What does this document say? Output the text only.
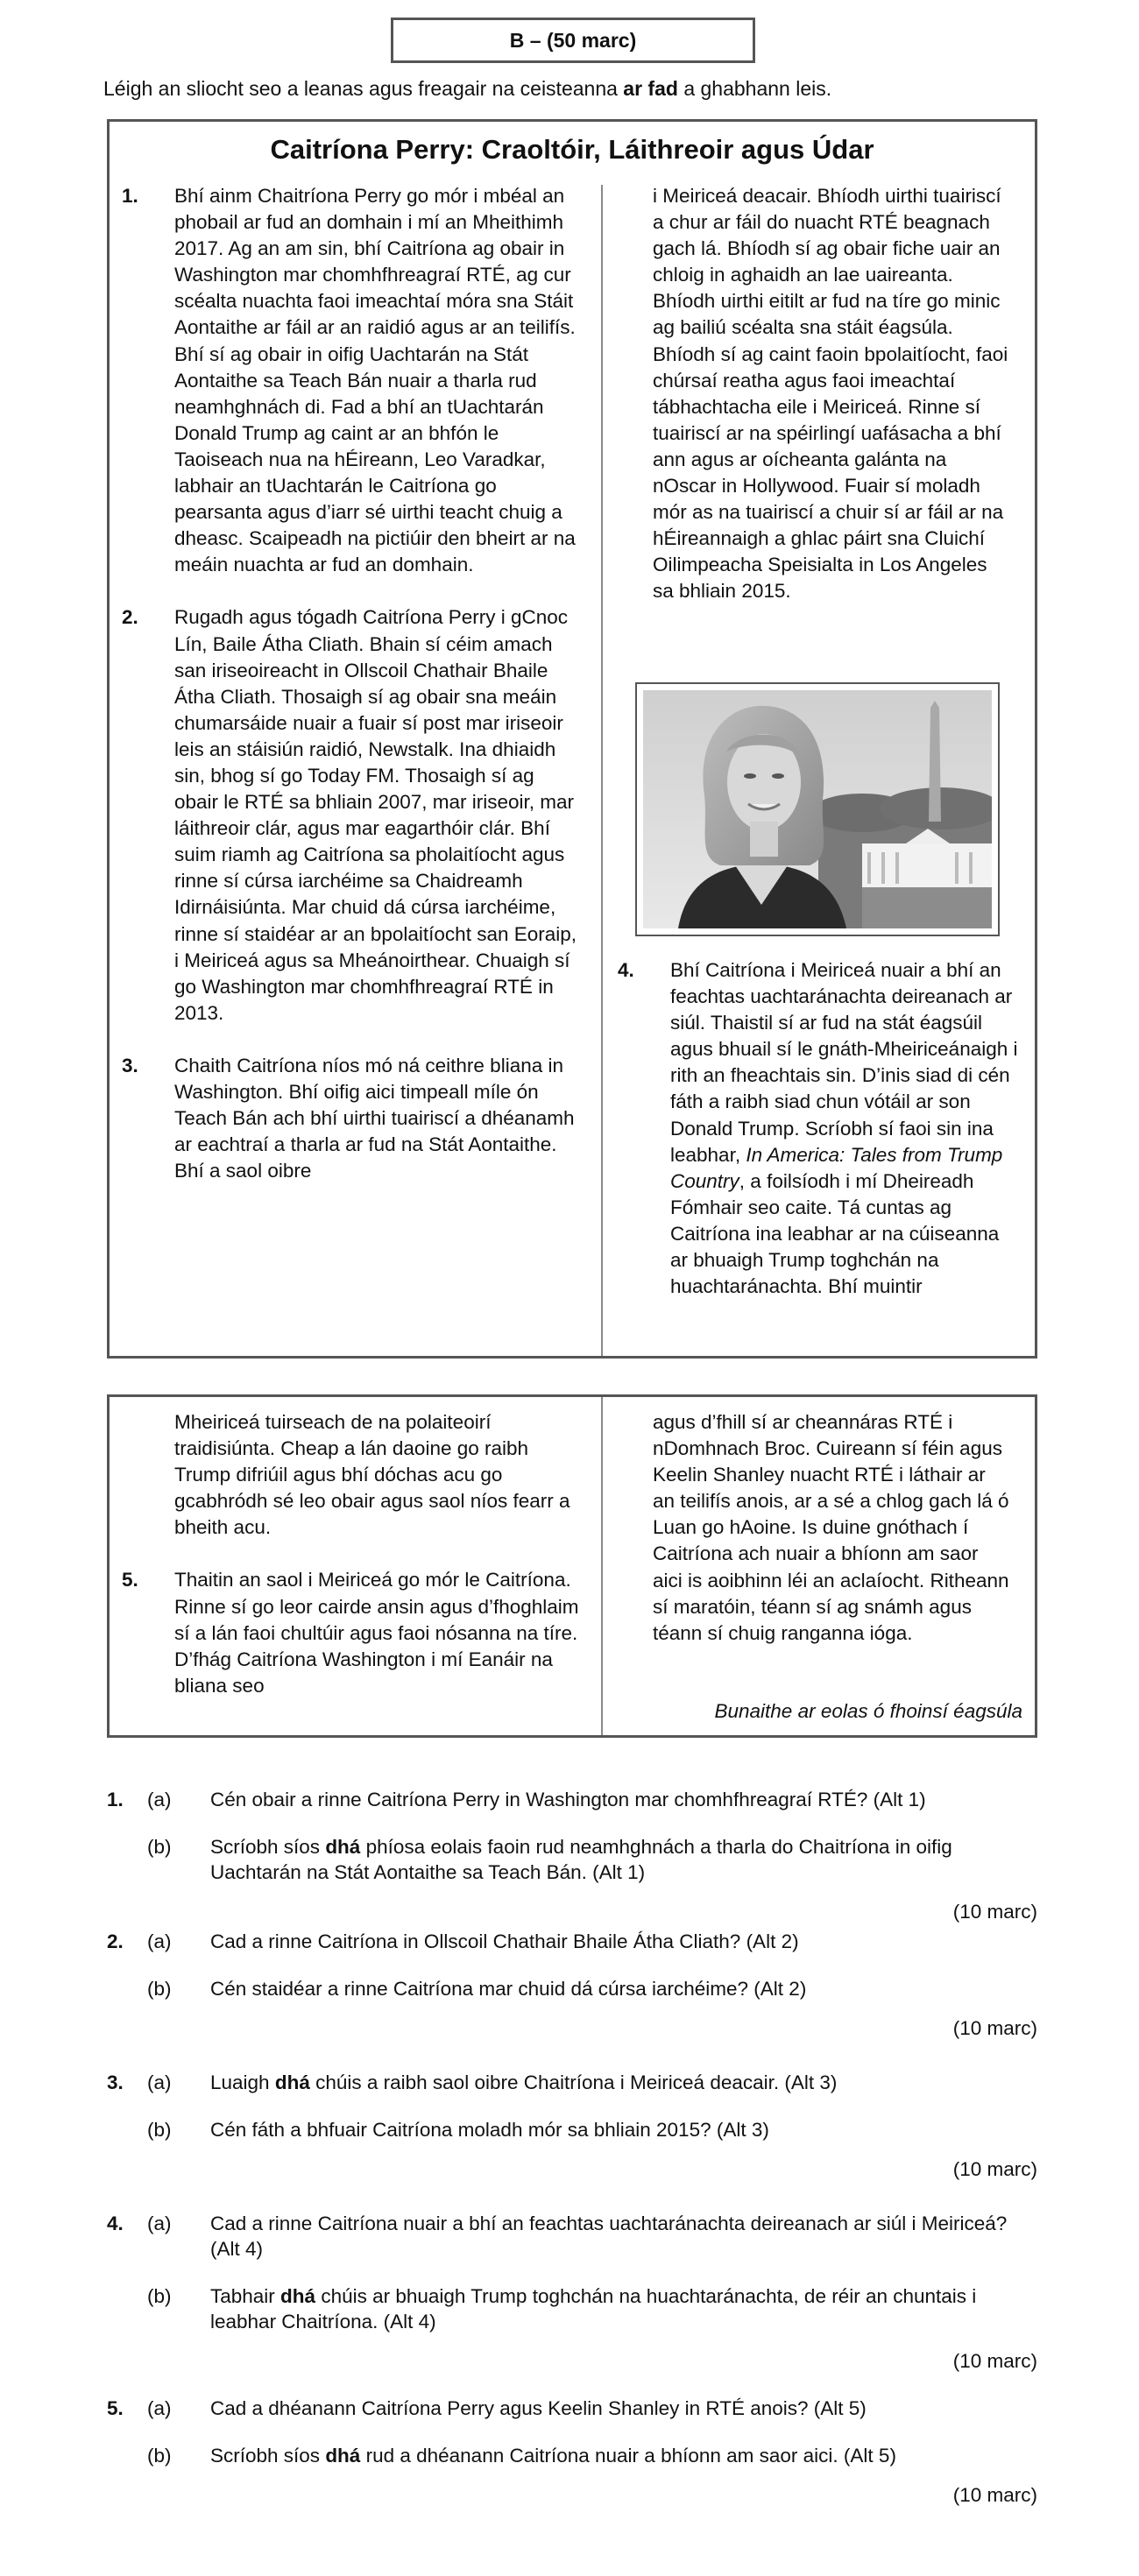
B – (50 marc)
Léigh an sliocht seo a leanas agus freagair na ceisteanna ar fad a ghabhann leis.
Caitríona Perry: Craoltóir, Láithreoir agus Údar
1.	Bhí ainm Chaitríona Perry go mór i mbéal an phobail ar fud an domhain i mí an Mheithimh 2017. Ag an am sin, bhí Caitríona ag obair in Washington mar chomhfhreagraí RTÉ, ag cur scéalta nuachta faoi imeachtaí móra sna Stáit Aontaithe ar fáil ar an raidió agus ar an teilifís. Bhí sí ag obair in oifig Uachtarán na Stát Aontaithe sa Teach Bán nuair a tharla rud neamhghnách di. Fad a bhí an tUachtarán Donald Trump ag caint ar an bhfón le Taoiseach nua na hÉireann, Leo Varadkar, labhair an tUachtarán le Caitríona go pearsanta agus d’iarr sé uirthi teacht chuig a dheasc. Scaipeadh na pictiúir den bheirt ar na meáin nuachta ar fud an domhain.
2.	Rugadh agus tógadh Caitríona Perry i gCnoc Lín, Baile Átha Cliath. Bhain sí céim amach san iriseoireacht in Ollscoil Chathair Bhaile Átha Cliath. Thosaigh sí ag obair sna meáin chumarsáide nuair a fuair sí post mar iriseoir leis an stáisiún raidió, Newstalk. Ina dhiaidh sin, bhog sí go Today FM. Thosaigh sí ag obair le RTÉ sa bhliain 2007, mar iriseoir, mar láithreoir clár, agus mar eagarthóir clár. Bhí suim riamh ag Caitríona sa pholaitíocht agus rinne sí cúrsa iarchéime sa Chaidreamh Idirnáisiúnta. Mar chuid dá cúrsa iarchéime, rinne sí staidéar ar an bpolaitíocht san Eoraip, i Meiriceá agus sa Mheánoirthear. Chuaigh sí go Washington mar chomhfhreagraí RTÉ in 2013.
3.	Chaith Caitríona níos mó ná ceithre bliana in Washington. Bhí oifig aici timpeall míle ón Teach Bán ach bhí uirthi tuairiscí a dhéanamh ar eachtraí a tharla ar fud na Stát Aontaithe. Bhí a saol oibre
i Meiriceá deacair. Bhíodh uirthi tuairiscí a chur ar fáil do nuacht RTÉ beagnach gach lá. Bhíodh sí ag obair fiche uair an chloig in aghaidh an lae uaireanta. Bhíodh uirthi eitilt ar fud na tíre go minic ag bailiú scéalta sna stáit éagsúla. Bhíodh sí ag caint faoin bpolaitíocht, faoi chúrsaí reatha agus faoi imeachtaí tábhachtacha eile i Meiriceá. Rinne sí tuairiscí ar na spéirlingí uafásacha a bhí ann agus ar oícheanta galánta na nOscar in Hollywood. Fuair sí moladh mór as na tuairiscí a chuir sí ar fáil ar na hÉireannaigh a ghlac páirt sna Cluichí Oilimpeacha Speisialta in Los Angeles sa bhliain 2015.
4.	Bhí Caitríona i Meiriceá nuair a bhí an feachtas uachtaránachta deireanach ar siúl. Thaistil sí ar fud na stát éagsúil agus bhuail sí le gnáth-Mheiriceánaigh i rith an fheachtais sin. D’inis siad di cén fáth a raibh siad chun vótáil ar son Donald Trump. Scríobh sí faoi sin ina leabhar, In America: Tales from Trump Country, a foilsíodh i mí Dheireadh Fómhair seo caite. Tá cuntas ag Caitríona ina leabhar ar na cúiseanna ar bhuaigh Trump toghchán na huachtaránachta. Bhí muintir
Mheiriceá tuirseach de na polaiteoirí traidisiúnta. Cheap a lán daoine go raibh Trump difriúil agus bhí dóchas acu go gcabhródh sé leo obair agus saol níos fearr a bheith acu.
5.	Thaitin an saol i Meiriceá go mór le Caitríona. Rinne sí go leor cairde ansin agus d’fhoghlaim sí a lán faoi chultúir agus faoi nósanna na tíre. D’fhág Caitríona Washington i mí Eanáir na bliana seo
agus d’fhill sí ar cheannáras RTÉ i nDomhnach Broc. Cuireann sí féin agus Keelin Shanley nuacht RTÉ i láthair ar an teilifís anois, ar a sé a chlog gach lá ó Luan go hAoine. Is duine gnóthach í Caitríona ach nuair a bhíonn am saor aici is aoibhinn léi an aclaíocht. Ritheann sí maratóin, téann sí ag snámh agus téann sí chuig ranganna ióga.
Bunaithe ar eolas ó fhoinsí éagsúla
1.	(a) Cén obair a rinne Caitríona Perry in Washington mar chomhfhreagraí RTÉ? (Alt 1)
(b) Scríobh síos dhá phíosa eolais faoin rud neamhghnách a tharla do Chaitríona in oifig Uachtarán na Stát Aontaithe sa Teach Bán. (Alt 1)
(10 marc)
2.	(a) Cad a rinne Caitríona in Ollscoil Chathair Bhaile Átha Cliath? (Alt 2)
(b) Cén staidéar a rinne Caitríona mar chuid dá cúrsa iarchéime? (Alt 2)
(10 marc)
3.	(a) Luaigh dhá chúis a raibh saol oibre Chaitríona i Meiriceá deacair. (Alt 3)
(b) Cén fáth a bhfuair Caitríona moladh mór sa bhliain 2015? (Alt 3)
(10 marc)
4.	(a) Cad a rinne Caitríona nuair a bhí an feachtas uachtaránachta deireanach ar siúl i Meiriceá? (Alt 4)
(b) Tabhair dhá chúis ar bhuaigh Trump toghchán na huachtaránachta, de réir an chuntais i leabhar Chaitríona. (Alt 4)
(10 marc)
5.	(a) Cad a dhéanann Caitríona Perry agus Keelin Shanley in RTÉ anois? (Alt 5)
(b) Scríobh síos dhá rud a dhéanann Caitríona nuair a bhíonn am saor aici. (Alt 5)
(10 marc)
